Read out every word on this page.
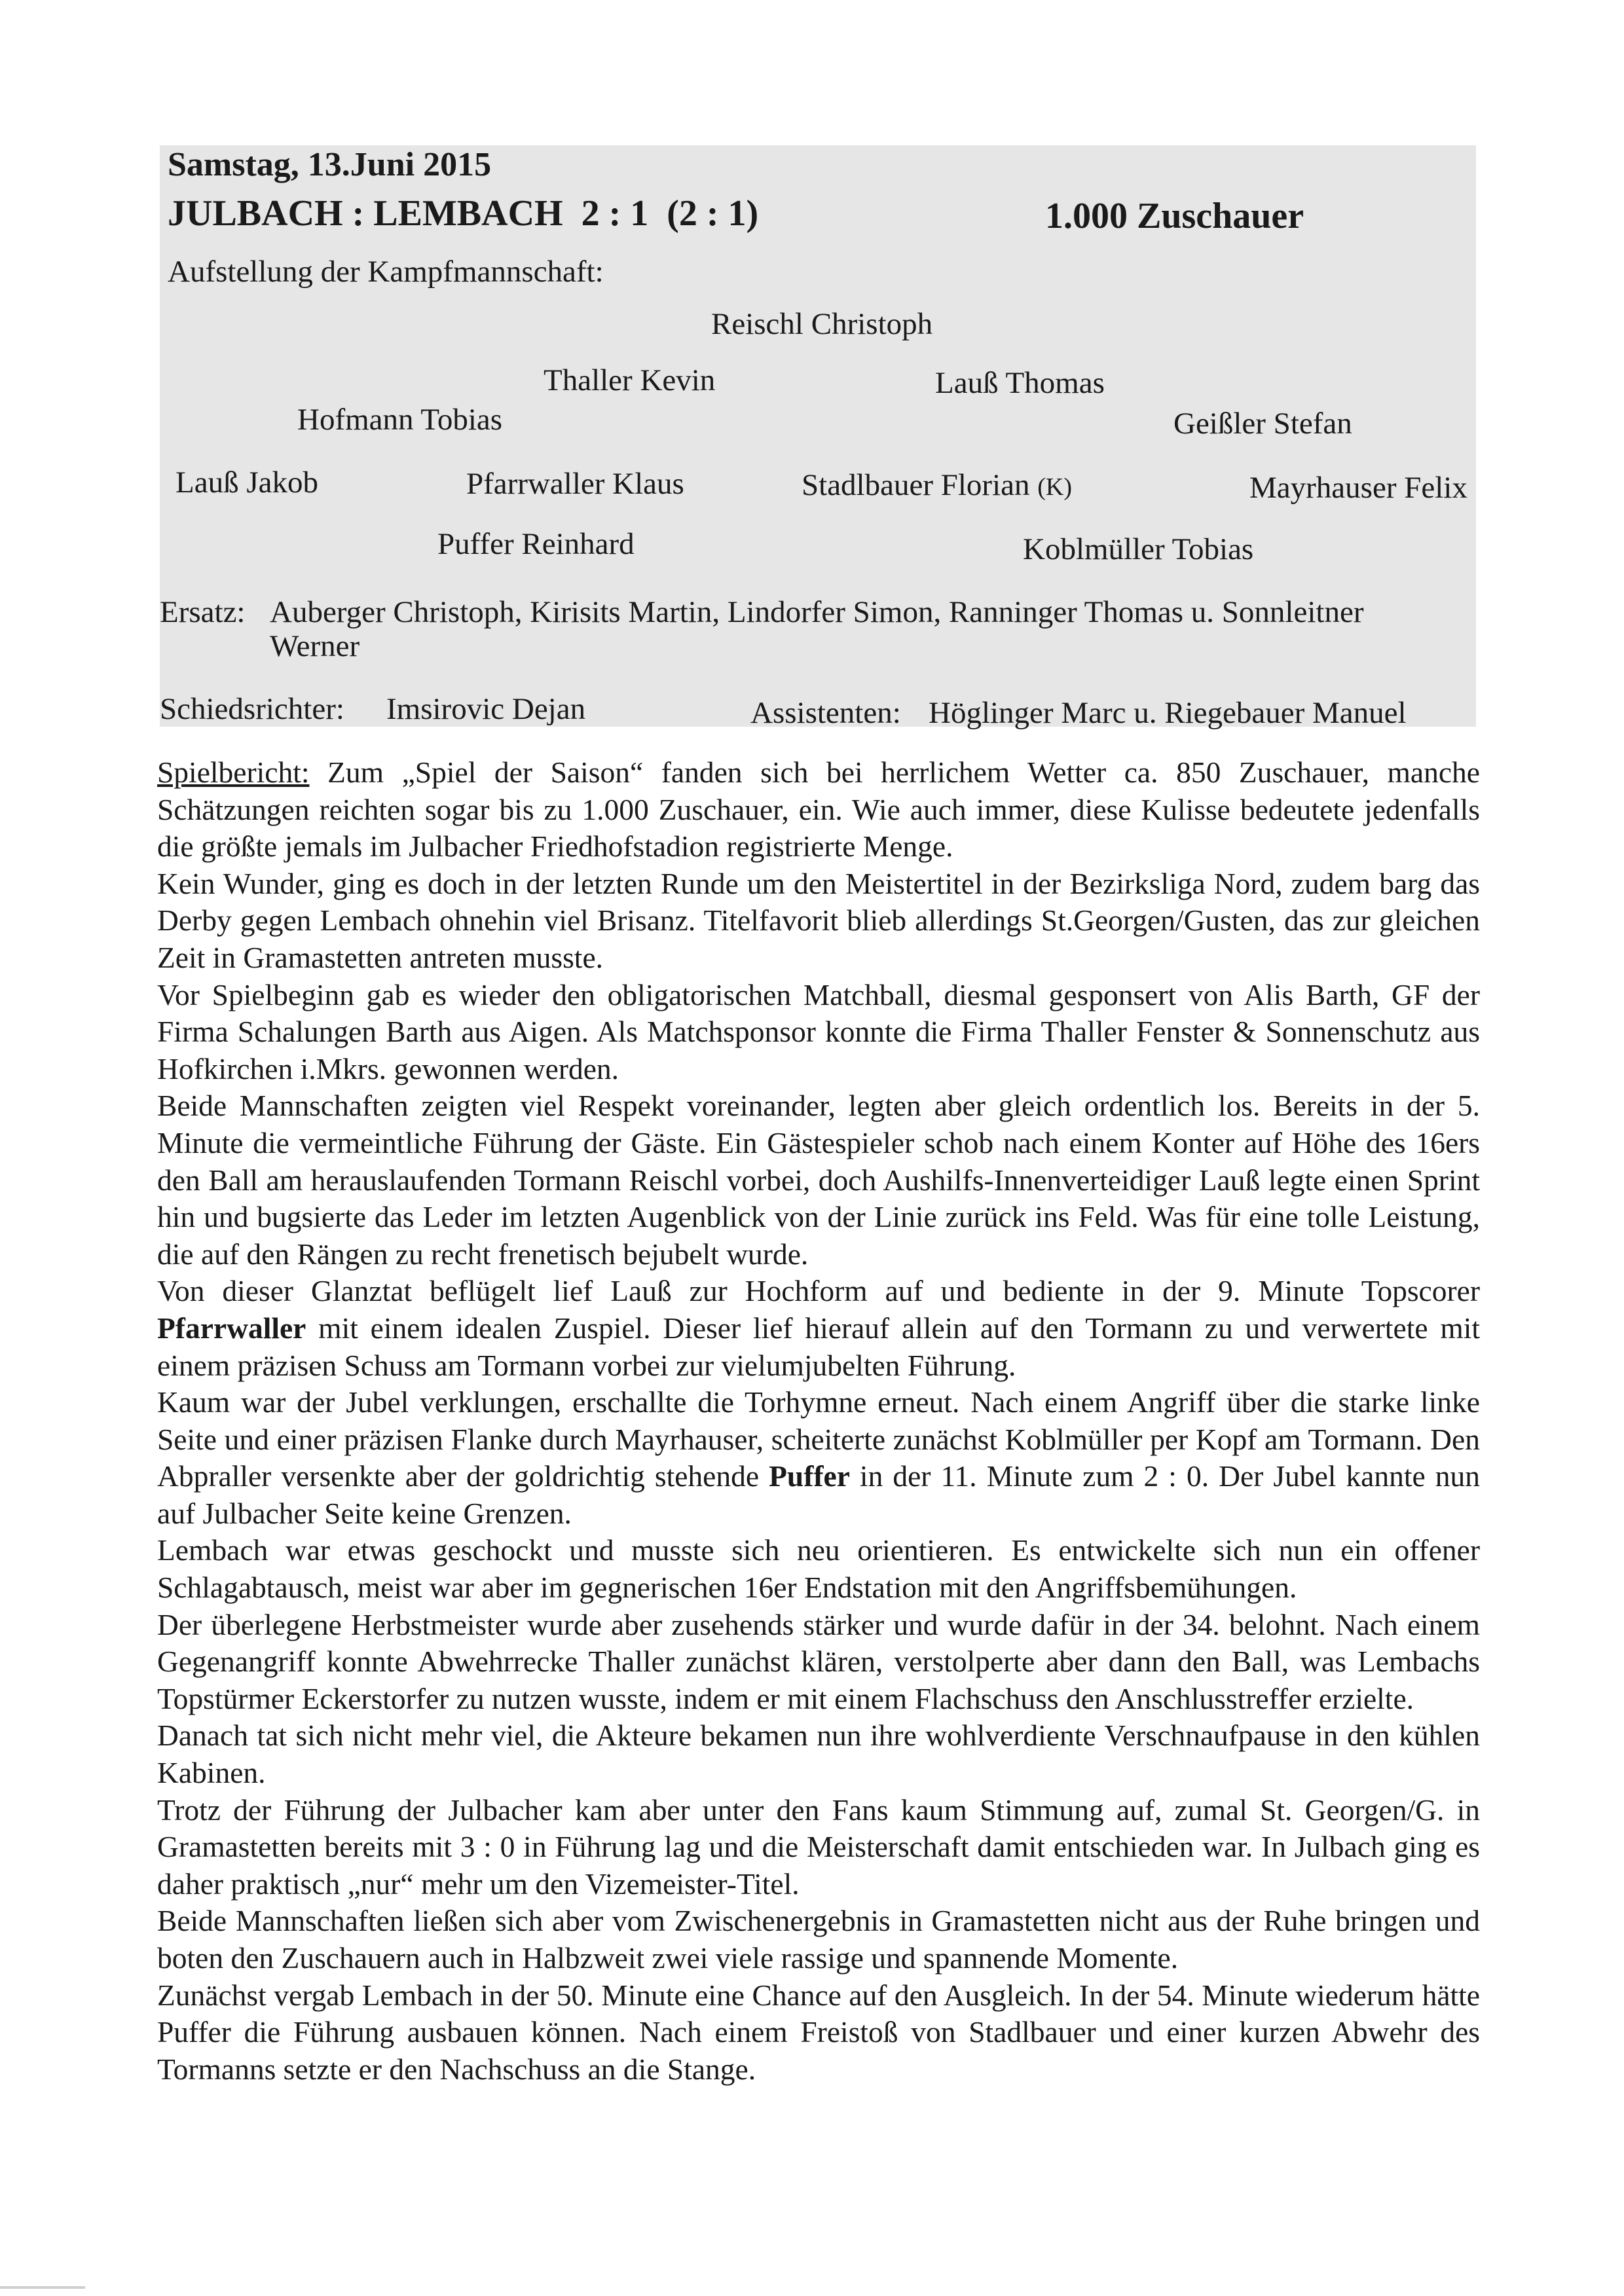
Samstag, 13.Juni 2015
JULBACH : LEMBACH  2 : 1  (2 : 1)	1.000 Zuschauer
Aufstellung der Kampfmannschaft:
Reischl Christoph
Thaller Kevin	Lauß Thomas
Hofmann Tobias	Geißler Stefan
Lauß Jakob	Pfarrwaller Klaus	Stadlbauer Florian (K)	Mayrhauser Felix
Puffer Reinhard	Koblmüller Tobias
Ersatz: Auberger Christoph, Kirisits Martin, Lindorfer Simon, Ranninger Thomas u. Sonnleitner
Werner
Schiedsrichter: Imsirovic Dejan	Assistenten: Höglinger Marc u. Riegebauer Manuel

Spielbericht: Zum „Spiel der Saison“ fanden sich bei herrlichem Wetter ca. 850 Zuschauer, manche Schätzungen reichten sogar bis zu 1.000 Zuschauer, ein. Wie auch immer, diese Kulisse bedeutete jedenfalls die größte jemals im Julbacher Friedhofstadion registrierte Menge.

Kein Wunder, ging es doch in der letzten Runde um den Meistertitel in der Bezirksliga Nord, zudem barg das Derby gegen Lembach ohnehin viel Brisanz. Titelfavorit blieb allerdings St.Georgen/Gusten, das zur gleichen Zeit in Gramastetten antreten musste.

Vor Spielbeginn gab es wieder den obligatorischen Matchball, diesmal gesponsert von Alis Barth, GF der Firma Schalungen Barth aus Aigen. Als Matchsponsor konnte die Firma Thaller Fenster & Sonnenschutz aus Hofkirchen i.Mkrs. gewonnen werden.

Beide Mannschaften zeigten viel Respekt voreinander, legten aber gleich ordentlich los. Bereits in der 5. Minute die vermeintliche Führung der Gäste. Ein Gästespieler schob nach einem Konter auf Höhe des 16ers den Ball am herauslaufenden Tormann Reischl vorbei, doch Aushilfs-Innenverteidiger Lauß legte einen Sprint hin und bugsierte das Leder im letzten Augenblick von der Linie zurück ins Feld. Was für eine tolle Leistung, die auf den Rängen zu recht frenetisch bejubelt wurde.

Von dieser Glanztat beflügelt lief Lauß zur Hochform auf und bediente in der 9. Minute Topscorer Pfarrwaller mit einem idealen Zuspiel. Dieser lief hierauf allein auf den Tormann zu und verwertete mit einem präzisen Schuss am Tormann vorbei zur vielumjubelten Führung.

Kaum war der Jubel verklungen, erschallte die Torhymne erneut. Nach einem Angriff über die starke linke Seite und einer präzisen Flanke durch Mayrhauser, scheiterte zunächst Koblmüller per Kopf am Tormann. Den Abpraller versenkte aber der goldrichtig stehende Puffer in der 11. Minute zum 2 : 0. Der Jubel kannte nun auf Julbacher Seite keine Grenzen.

Lembach war etwas geschockt und musste sich neu orientieren. Es entwickelte sich nun ein offener Schlagabtausch, meist war aber im gegnerischen 16er Endstation mit den Angriffsbemühungen.

Der überlegene Herbstmeister wurde aber zusehends stärker und wurde dafür in der 34. belohnt. Nach einem Gegenangriff konnte Abwehrrecke Thaller zunächst klären, verstolperte aber dann den Ball, was Lembachs Topstürmer Eckerstorfer zu nutzen wusste, indem er mit einem Flachschuss den Anschlusstreffer erzielte.

Danach tat sich nicht mehr viel, die Akteure bekamen nun ihre wohlverdiente Verschnaufpause in den kühlen Kabinen.

Trotz der Führung der Julbacher kam aber unter den Fans kaum Stimmung auf, zumal St. Georgen/G. in Gramastetten bereits mit 3 : 0 in Führung lag und die Meisterschaft damit entschieden war. In Julbach ging es daher praktisch „nur“ mehr um den Vizemeister-Titel.

Beide Mannschaften ließen sich aber vom Zwischenergebnis in Gramastetten nicht aus der Ruhe bringen und boten den Zuschauern auch in Halbzweit zwei viele rassige und spannende Momente.

Zunächst vergab Lembach in der 50. Minute eine Chance auf den Ausgleich. In der 54. Minute wiederum hätte Puffer die Führung ausbauen können. Nach einem Freistoß von Stadlbauer und einer kurzen Abwehr des Tormanns setzte er den Nachschuss an die Stange.
